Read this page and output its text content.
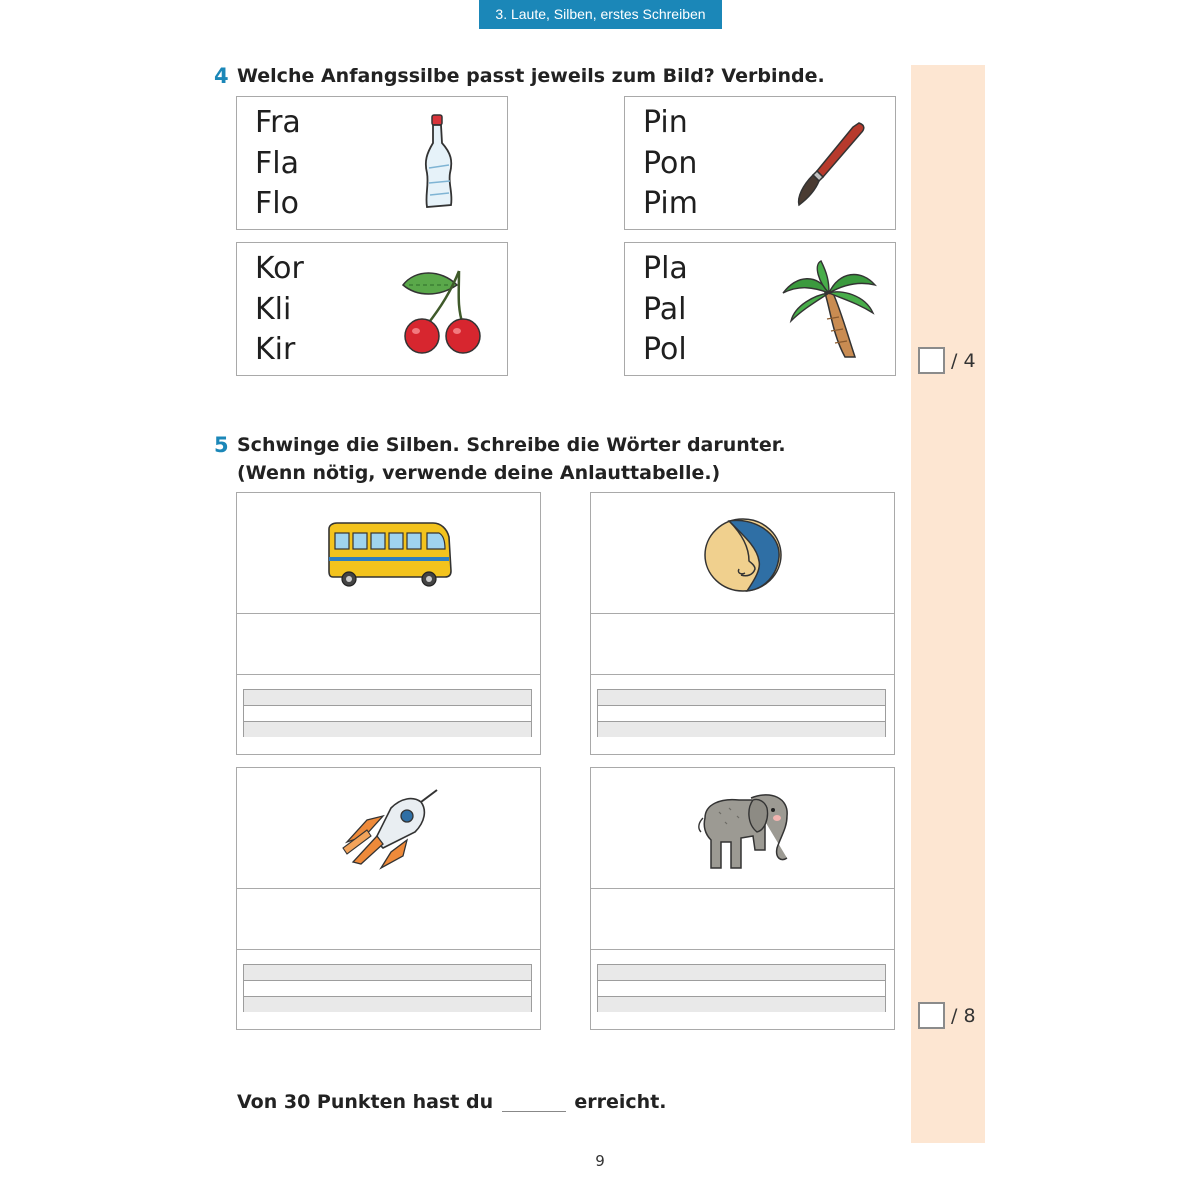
3. Laute, Silben, erstes Schreiben
4 Welche Anfangssilbe passt jeweils zum Bild? Verbinde.
Fra
Fla
Flo
Pin
Pon
Pim
Kor
Kli
Kir
Pla
Pal
Pol	/ 4
5 Schwinge die Silben. Schreibe die Wörter darunter.
(Wenn nötig, verwende deine Anlauttabelle.)
/ 8
Von 30 Punkten hast du	erreicht.
9
